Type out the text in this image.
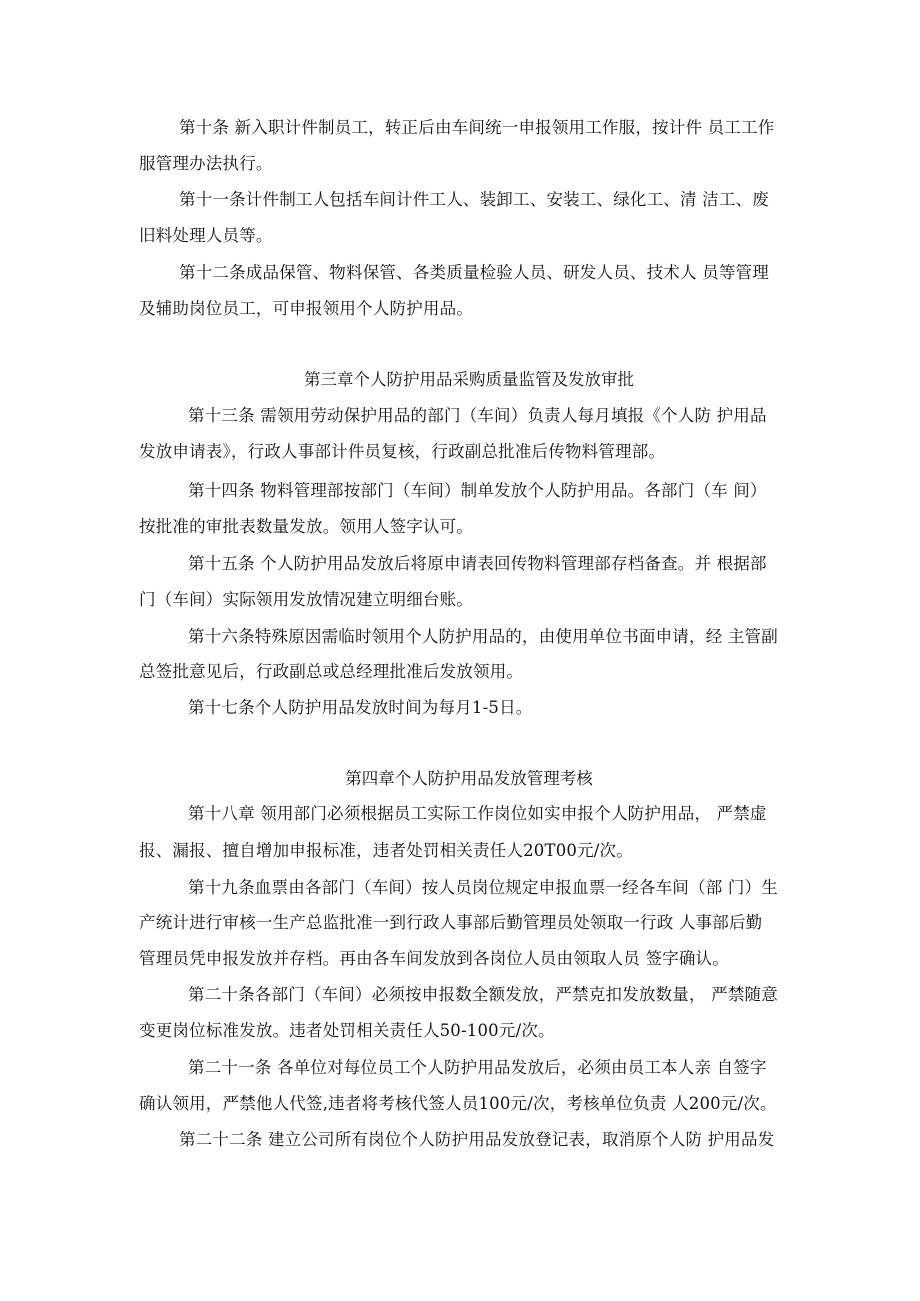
第十条 新入职计件制员工，转正后由车间统一申报领用工作服，按计件 员工工作
服管理办法执行。
第十一条计件制工人包括车间计件工人、装卸工、安装工、绿化工、清 洁工、废
旧料处理人员等。
第十二条成品保管、物料保管、各类质量检验人员、研发人员、技术人 员等管理
及辅助岗位员工，可申报领用个人防护用品。
第三章个人防护用品采购质量监管及发放审批
第十三条 需领用劳动保护用品的部门（车间）负责人每月填报《个人防 护用品
发放申请表》，行政人事部计件员复核，行政副总批准后传物料管理部。
第十四条 物料管理部按部门（车间）制单发放个人防护用品。各部门（车 间）
按批准的审批表数量发放。领用人签字认可。
第十五条 个人防护用品发放后将原申请表回传物料管理部存档备查。并 根据部
门（车间）实际领用发放情况建立明细台账。
第十六条特殊原因需临时领用个人防护用品的，由使用单位书面申请，经 主管副
总签批意见后，行政副总或总经理批准后发放领用。
第十七条个人防护用品发放时间为每月1-5日。
第四章个人防护用品发放管理考核
第十八章 领用部门必须根据员工实际工作岗位如实申报个人防护用品， 严禁虚
报、漏报、擅自增加申报标准，违者处罚相关责任人20T00元/次。
第十九条血票由各部门（车间）按人员岗位规定申报血票一经各车间（部 门）生
产统计进行审核一生产总监批准一到行政人事部后勤管理员处领取一行政 人事部后勤
管理员凭申报发放并存档。再由各车间发放到各岗位人员由领取人员 签字确认。
第二十条各部门（车间）必须按申报数全额发放，严禁克扣发放数量， 严禁随意
变更岗位标准发放。违者处罚相关责任人50-100元/次。
第二十一条 各单位对每位员工个人防护用品发放后，必须由员工本人亲 自签字
确认领用，严禁他人代签,违者将考核代签人员100元/次，考核单位负责 人200元/次。
第二十二条 建立公司所有岗位个人防护用品发放登记表，取消原个人防 护用品发
